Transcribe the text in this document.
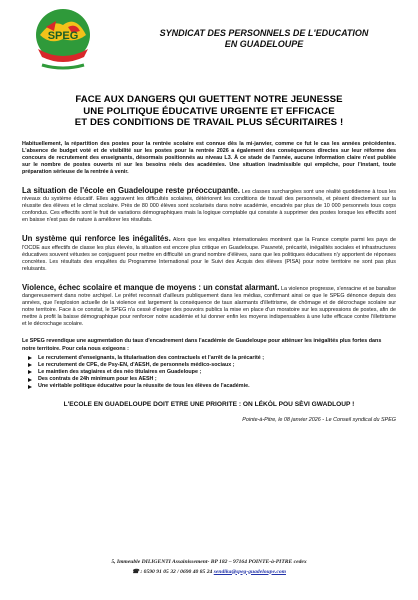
SPEG	SYNDICAT DES PERSONNELS DE L'EDUCATION
EN GUADELOUPE
FACE AUX DANGERS QUI GUETTENT NOTRE JEUNESSE
UNE POLITIQUE ÉDUCATIVE URGENTE ET EFFICACE
ET DES CONDITIONS DE TRAVAIL PLUS SÉCURITAIRES !

Habituellement, la répartition des postes pour la rentrée scolaire est connue dès la mi-janvier, comme ce fut le cas les années précédentes. L'absence de budget voté et de visibilité sur les postes pour la rentrée 2026 a également des conséquences directes sur leur réforme des concours de recrutement des enseignants, désormais positionnés au niveau L3. À ce stade de l'année, aucune information claire n'est publiée sur le nombre de postes ouverts ni sur les besoins réels des académies. Une situation inadmissible qui empêche, pour l'instant, toute préparation sérieuse de la rentrée à venir.

La situation de l'école en Guadeloupe reste préoccupante. Les classes surchargées sont une réalité quotidienne à tous les niveaux du système éducatif. Elles aggravent les difficultés scolaires, détériorent les conditions de travail des personnels, et pèsent directement sur la réussite des élèves et le climat scolaire. Près de 80 000 élèves sont scolarisés dans notre académie, encadrés par plus de 10 000 personnels tous corps confondus. Ces effectifs sont le fruit de variations démographiques mais la logique comptable qui consiste à supprimer des postes lorsque les effectifs sont en baisse n'est pas de nature à améliorer les résultats.

Un système qui renforce les inégalités. Alors que les enquêtes internationales montrent que la France compte parmi les pays de l'OCDE aux effectifs de classe les plus élevés, la situation est encore plus critique en Guadeloupe. Pauvreté, précarité, inégalités sociales et infrastructures éducatives souvent vétustes se conjuguent pour mettre en difficulté un grand nombre d'élèves, sans que les politiques éducatives n'y apportent de réponses concrètes. Les résultats des enquêtes du Programme International pour le Suivi des Acquis des élèves (PISA) pour notre territoire ne sont pas plus reluisants.

Violence, échec scolaire et manque de moyens : un constat alarmant. La violence progresse, s'enracine et se banalise dangereusement dans notre archipel. Le préfet reconnait d'ailleurs publiquement dans les médias, confirmant ainsi ce que le SPEG dénonce depuis des années, que l'explosion actuelle de la violence est largement la conséquence de taux alarmants d'illettrisme, de chômage et de décrochage scolaire sur notre territoire. Face à ce constat, le SPEG n'a cessé d'exiger des pouvoirs publics la mise en place d'un moratoire sur les suppressions de postes, afin de mettre à profit la baisse démographique pour renforcer notre académie et lui donner enfin les moyens indispensables à une lutte efficace contre l'illettrisme et le décrochage scolaire.

Le SPEG revendique une augmentation du taux d'encadrement dans l'académie de Guadeloupe pour atténuer les inégalités plus fortes dans notre territoire. Pour cela nous exigeons :
Le recrutement d'enseignants, la titularisation des contractuels et l'arrêt de la précarité ;
Le recrutement de CPE, de Psy-EN, d'AESH, de personnels médico-sociaux ;
Le maintien des stagiaires et des néo titulaires en Guadeloupe ;
Des contrats de 24h minimum pour les AESH ;
Une véritable politique éducative pour la réussite de tous les élèves de l'académie.
L'ECOLE EN GUADELOUPE DOIT ETRE UNE PRIORITE : ON LÉKÒL POU SÈVI GWADLOUP !
Pointe-à-Pitre, le 08 janvier 2026 - Le Conseil syndical du SPEG
5, Immeuble DILIGENTI Assainissement- BP 182 – 97164 POINTE-à-PITRE cedex
☎ : 0590 91 05 32 / 0690 40 85 24 sendika@speg-guadeloupe.com
